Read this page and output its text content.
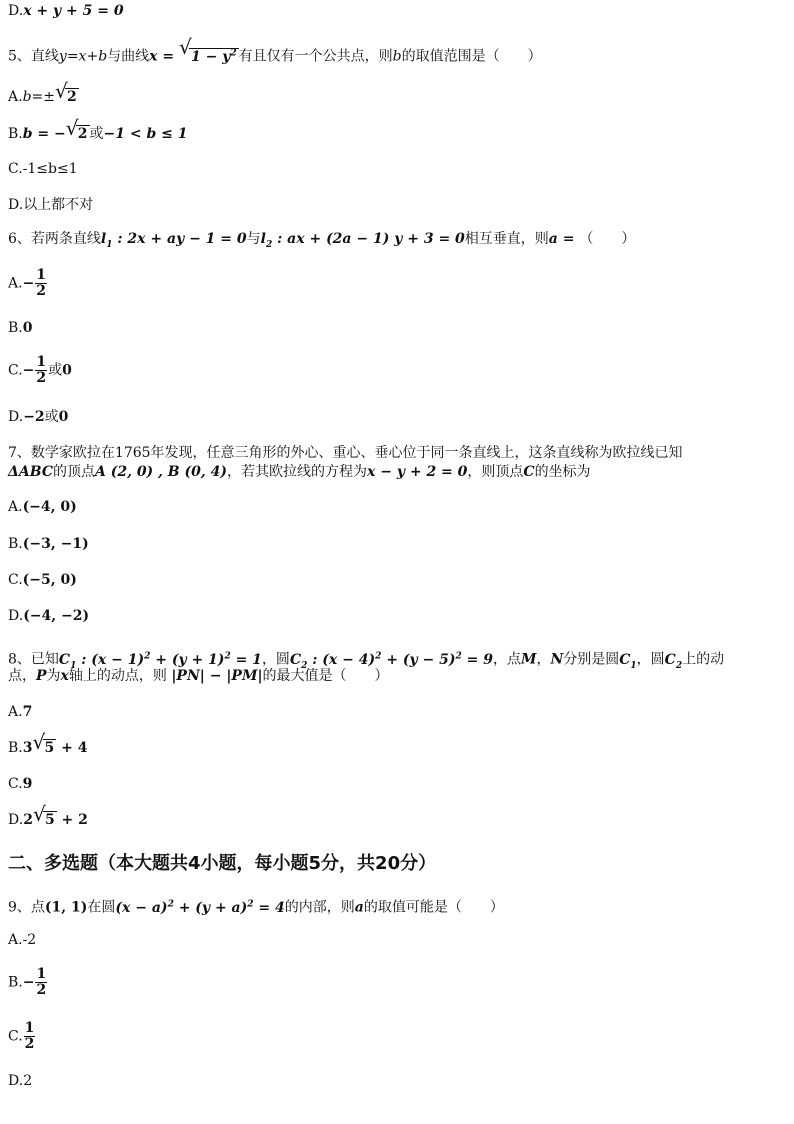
D.x + y + 5 = 0
5、直线y=x+b与曲线x = √ $1 - y^2$ 有且仅有一个公共点，则b的取值范围是（　　）
A.b=± √ 2
B.b = − √ 2 或−1 < b ≤ 1
C.-1≤b≤1
D.以上都不对
6、若两条直线$l_1$ : 2x + ay − 1 = 0与$l_2$ : ax + (2a − 1) y + 3 = 0相互垂直，则a = （　　）
$A.- \frac{1}{2}$
B.0
$C.- \frac{1}{2}$ 或0
D.−2或0
7、数学家欧拉在1765年发现，任意三角形的外心、重心、垂心位于同一条直线上，这条直线称为欧拉线已知
ΔABC的顶点A (2, 0) , B (0, 4)，若其欧拉线的方程为x − y + 2 = 0，则顶点C的坐标为
A.(−4, 0)
B.(−3, −1)
C.(−5, 0)
D.(−4, −2)
8、已知$C_1$ : $(x - 1)^2 + (y + 1)^2 = 1$，圆$C_2$ : $(x - 4)^2 + (y - 5)^2 = 9$，点M，N分别是圆$C_1$，圆$C_2$上的动
点，P为x轴上的动点，则 |PN| − |PM|的最大值是（　　）
A.7
B.3 √ 5 + 4
C.9
D.2 √ 5 + 2
二、多选题（本大题共4小题，每小题5分，共20分）
9、点(1, 1)在圆$(x - a)^2 + (y + a)^2 = 4$的内部，则a的取值可能是（　　）
A.-2
$B.- \frac{1}{2}$
C. $\frac{1}{2}$
D.2
